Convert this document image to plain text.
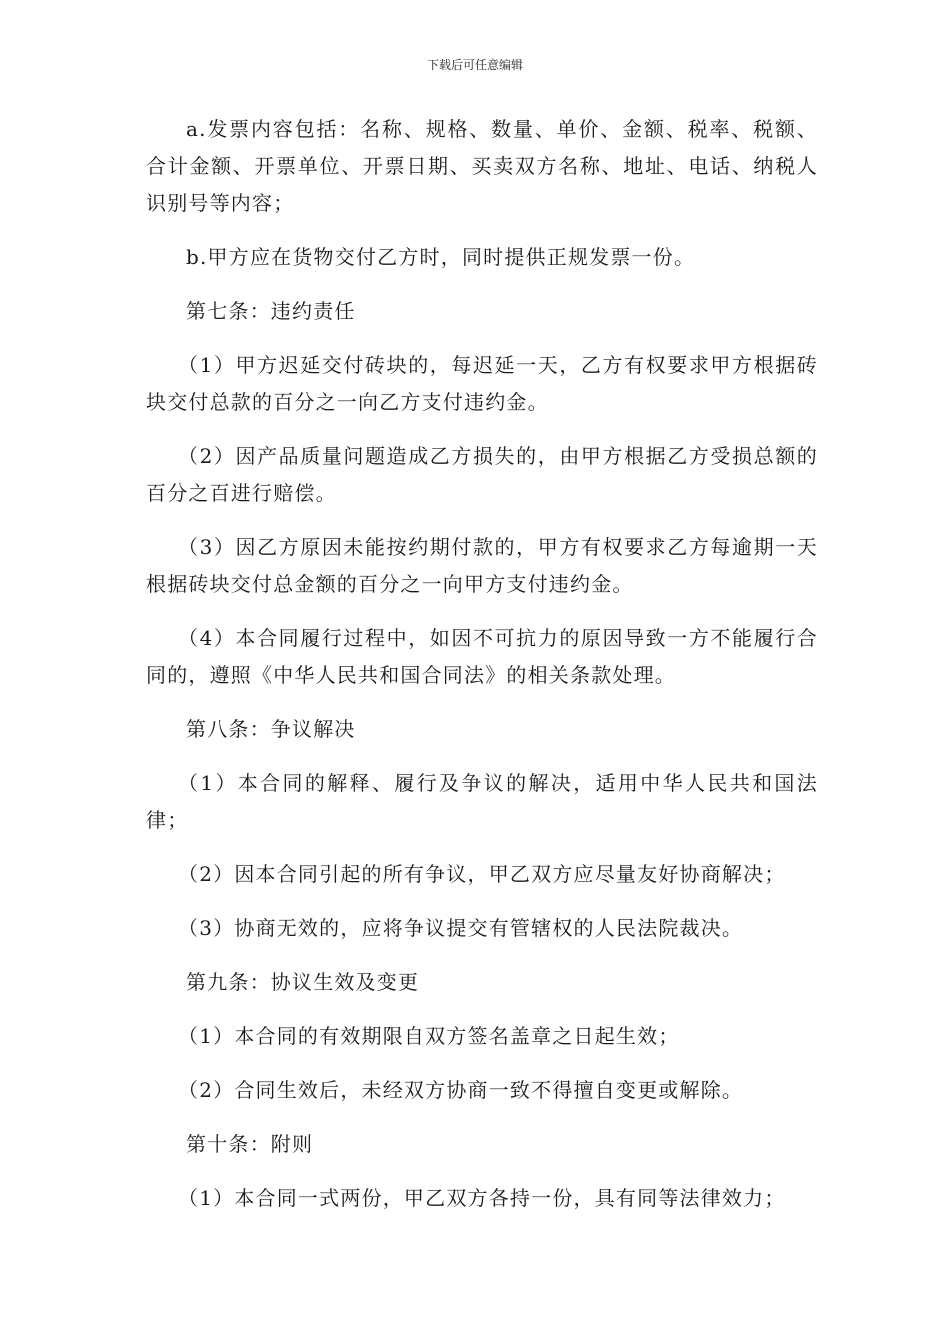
下载后可任意编辑

a.发票内容包括：名称、规格、数量、单价、金额、税率、税额、合计金额、开票单位、开票日期、买卖双方名称、地址、电话、纳税人识别号等内容；

b.甲方应在货物交付乙方时，同时提供正规发票一份。

第七条：违约责任

（1）甲方迟延交付砖块的，每迟延一天，乙方有权要求甲方根据砖块交付总款的百分之一向乙方支付违约金。

（2）因产品质量问题造成乙方损失的，由甲方根据乙方受损总额的百分之百进行赔偿。

（3）因乙方原因未能按约期付款的，甲方有权要求乙方每逾期一天根据砖块交付总金额的百分之一向甲方支付违约金。

（4）本合同履行过程中，如因不可抗力的原因导致一方不能履行合同的，遵照《中华人民共和国合同法》的相关条款处理。

第八条：争议解决

（1）本合同的解释、履行及争议的解决，适用中华人民共和国法律；

（2）因本合同引起的所有争议，甲乙双方应尽量友好协商解决；

（3）协商无效的，应将争议提交有管辖权的人民法院裁决。

第九条：协议生效及变更

（1）本合同的有效期限自双方签名盖章之日起生效；

（2）合同生效后，未经双方协商一致不得擅自变更或解除。

第十条：附则

（1）本合同一式两份，甲乙双方各持一份，具有同等法律效力；
